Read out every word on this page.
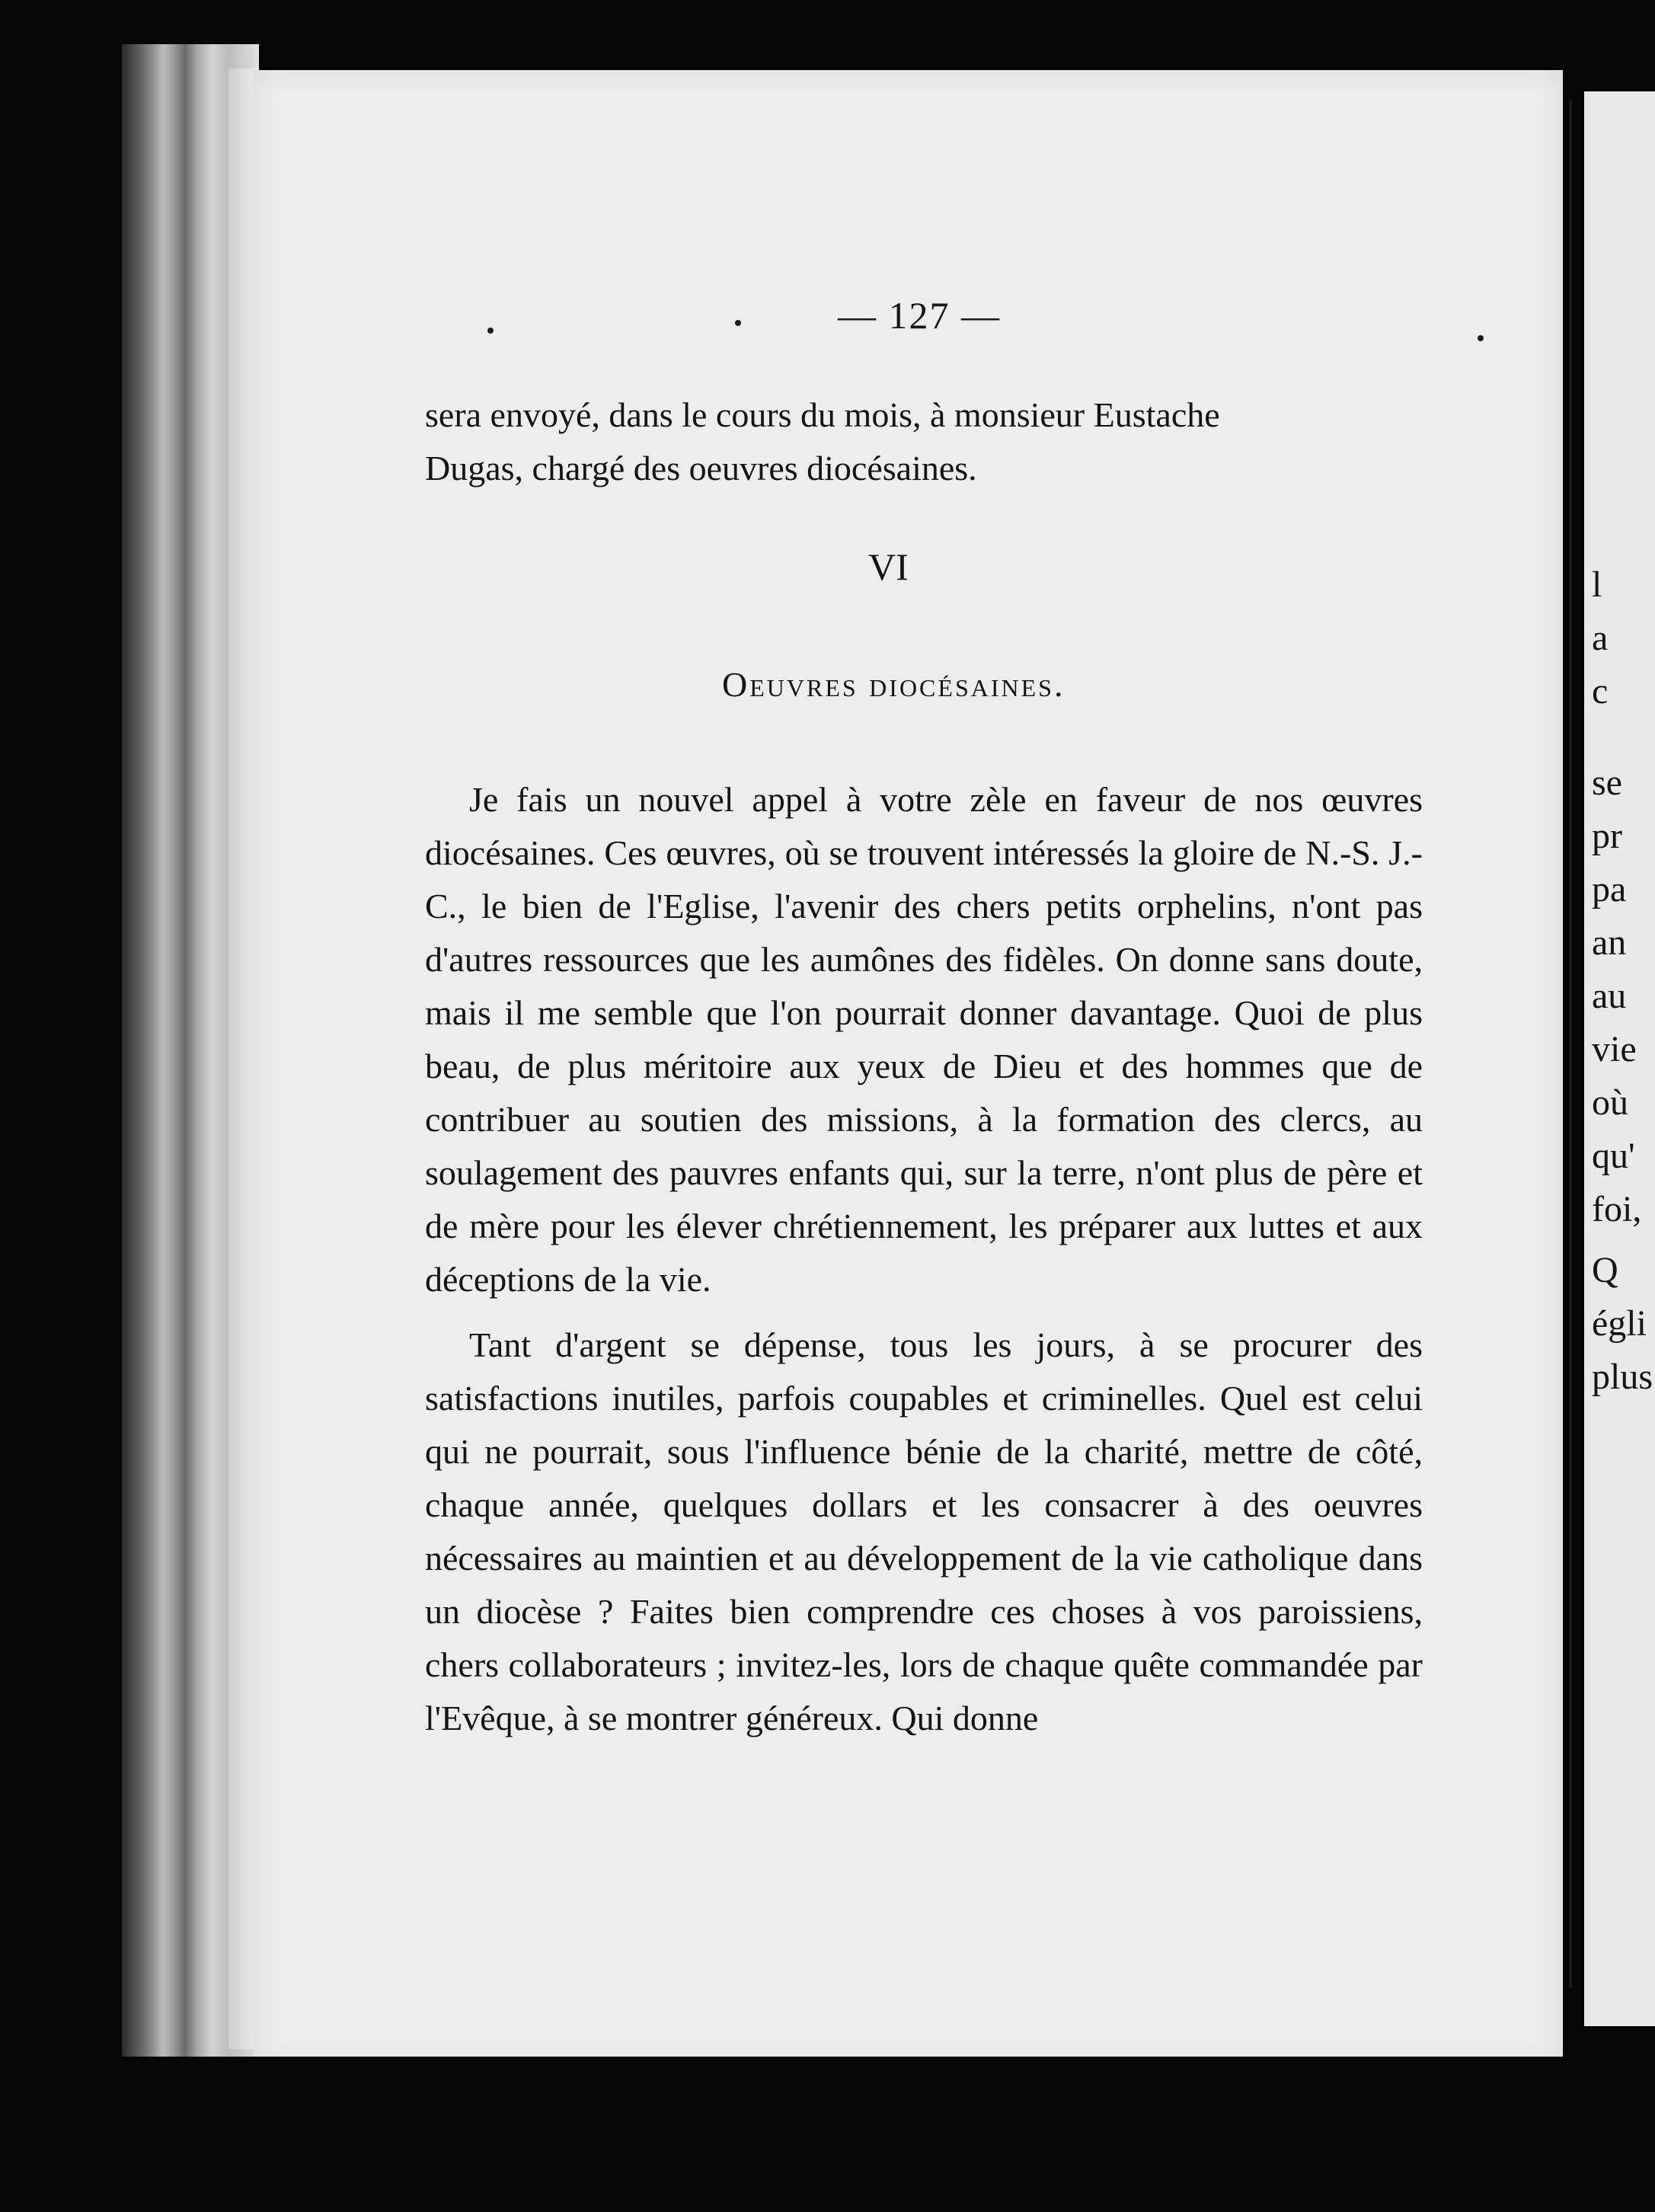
l
a
c
se
pr
pa
an
au
vie
où
qu'
foi,
Q
égli
plus
— 127 —

sera envoyé, dans le cours du mois, à monsieur Eustache

Dugas, chargé des oeuvres diocésaines.

VI
Oeuvres diocésaines.

Je fais un nouvel appel à votre zèle en faveur de nos œuvres diocésaines. Ces œuvres, où se trouvent intéressés la gloire de N.-S. J.-C., le bien de l'Eglise, l'avenir des chers petits orphelins, n'ont pas d'autres ressources que les aumônes des fidèles. On donne sans doute, mais il me semble que l'on pourrait donner davantage. Quoi de plus beau, de plus méritoire aux yeux de Dieu et des hommes que de contribuer au soutien des missions, à la formation des clercs, au soulagement des pauvres enfants qui, sur la terre, n'ont plus de père et de mère pour les élever chrétiennement, les préparer aux luttes et aux déceptions de la vie.

Tant d'argent se dépense, tous les jours, à se procurer des satisfactions inutiles, parfois coupables et criminelles. Quel est celui qui ne pourrait, sous l'influence bénie de la charité, mettre de côté, chaque année, quelques dollars et les consacrer à des oeuvres nécessaires au maintien et au développement de la vie catholique dans un diocèse ? Faites bien comprendre ces choses à vos paroissiens, chers collaborateurs ; invitez-les, lors de chaque quête commandée par l'Evêque, à se montrer généreux. Qui donne
